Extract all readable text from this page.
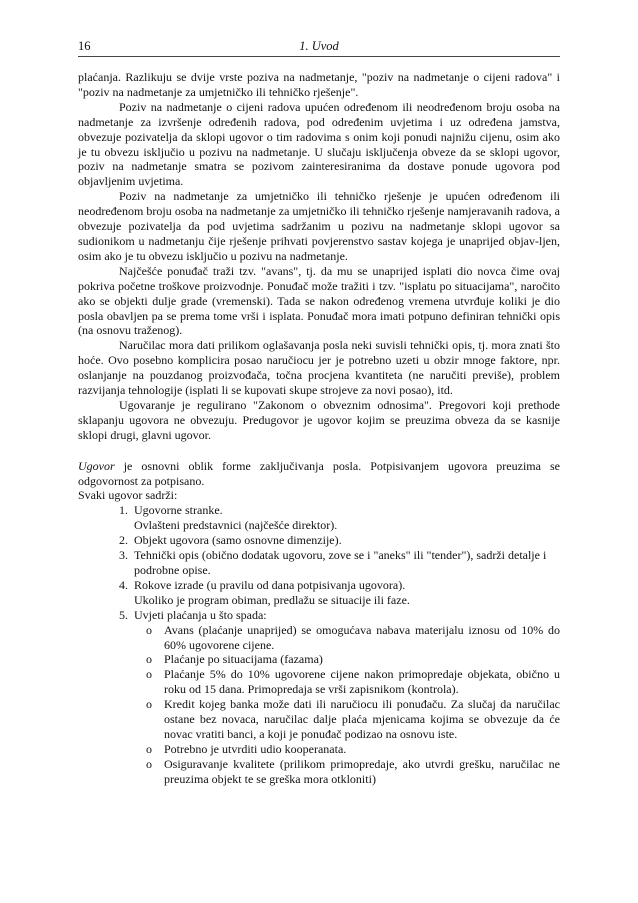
16	1. Uvod

plaćanja. Razlikuju se dvije vrste poziva na nadmetanje, "poziv na nadmetanje o cijeni radova" i "poziv na nadmetanje za umjetničko ili tehničko rješenje".

Poziv na nadmetanje o cijeni radova upućen određenom ili neodređenom broju osoba na nadmetanje za izvršenje određenih radova, pod određenim uvjetima i uz određena jamstva, obvezuje pozivatelja da sklopi ugovor o tim radovima s onim koji ponudi najnižu cijenu, osim ako je tu obvezu isključio u pozivu na nadmetanje. U slučaju isključenja obveze da se sklopi ugovor, poziv na nadmetanje smatra se pozivom zainteresiranima da dostave ponude ugovora pod objavljenim uvjetima.

Poziv na nadmetanje za umjetničko ili tehničko rješenje je upućen određenom ili neodređenom broju osoba na nadmetanje za umjetničko ili tehničko rješenje namjeravanih radova, a obvezuje pozivatelja da pod uvjetima sadržanim u pozivu na nadmetanje sklopi ugovor sa sudionikom u nadmetanju čije rješenje prihvati povjerenstvo sastav kojega je unaprijed objav-ljen, osim ako je tu obvezu isključio u pozivu na nadmetanje.

Najčešće ponuđač traži tzv. "avans", tj. da mu se unaprijed isplati dio novca čime ovaj pokriva početne troškove proizvodnje. Ponuđač može tražiti i tzv. "isplatu po situacijama", naročito ako se objekti dulje grade (vremenski). Tada se nakon određenog vremena utvrđuje koliki je dio posla obavljen pa se prema tome vrši i isplata. Ponuđač mora imati potpuno definiran tehnički opis (na osnovu traženog).

Naručilac mora dati prilikom oglašavanja posla neki suvisli tehnički opis, tj. mora znati što hoće. Ovo posebno komplicira posao naručiocu jer je potrebno uzeti u obzir mnoge faktore, npr. oslanjanje na pouzdanog proizvođača, točna procjena kvantiteta (ne naručiti previše), problem razvijanja tehnologije (isplati li se kupovati skupe strojeve za novi posao), itd.

Ugovaranje je regulirano "Zakonom o obveznim odnosima". Pregovori koji prethode sklapanju ugovora ne obvezuju. Predugovor je ugovor kojim se preuzima obveza da se kasnije sklopi drugi, glavni ugovor.

Ugovor je osnovni oblik forme zaključivanja posla. Potpisivanjem ugovora preuzima se odgovornost za potpisano.

Svaki ugovor sadrži:

1. Ugovorne stranke.
Ovlašteni predstavnici (najčešće direktor).
2. Objekt ugovora (samo osnovne dimenzije).
3. Tehnički opis (obično dodatak ugovoru, zove se i "aneks" ili "tender"), sadrži detalje i podrobne opise.
4. Rokove izrade (u pravilu od dana potpisivanja ugovora).
Ukoliko je program obiman, predlažu se situacije ili faze.
5. Uvjeti plaćanja u što spada:
o Avans (plaćanje unaprijed) se omogućava nabava materijalu iznosu od 10% do 60% ugovorene cijene.
o Plaćanje po situacijama (fazama)
o Plaćanje 5% do 10% ugovorene cijene nakon primopredaje objekata, obično u roku od 15 dana. Primopredaja se vrši zapisnikom (kontrola).
o Kredit kojeg banka može dati ili naručiocu ili ponuđaču. Za slučaj da naručilac ostane bez novaca, naručilac dalje plaća mjenicama kojima se obvezuje da će novac vratiti banci, a koji je ponuđač podizao na osnovu iste.
o Potrebno je utvrditi udio kooperanata.
o Osiguravanje kvalitete (prilikom primopredaje, ako utvrdi grešku, naručilac ne preuzima objekt te se greška mora otkloniti)
